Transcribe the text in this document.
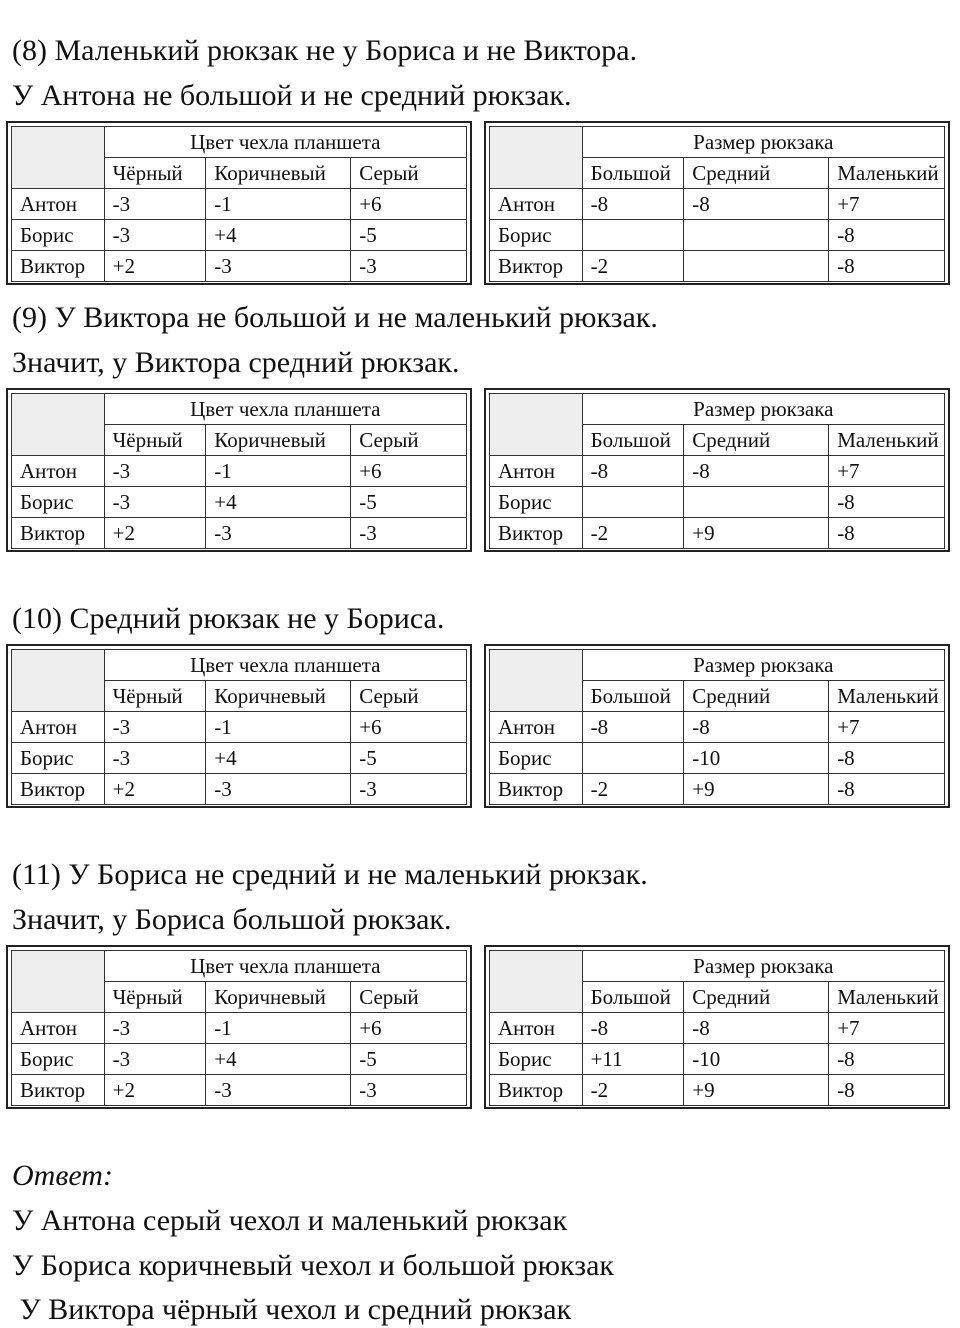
(8) Маленький рюкзак не у Бориса и не Виктора.
У Антона не большой и не средний рюкзак.
	Цвет чехла планшета		
	Чёрный	Коричневый	Серый
Антон	-3	-1	+6
Борис	-3	+4	-5
Виктор	+2	-3	-3
	Размер рюкзака		
	Большой	Средний	Маленький
Антон	-8	-8	+7
Борис			-8
Виктор	-2		-8
(9) У Виктора не большой и не маленький рюкзак.
Значит, у Виктора средний рюкзак.
	Цвет чехла планшета		
	Чёрный	Коричневый	Серый
Антон	-3	-1	+6
Борис	-3	+4	-5
Виктор	+2	-3	-3
	Размер рюкзака		
	Большой	Средний	Маленький
Антон	-8	-8	+7
Борис			-8
Виктор	-2	+9	-8
(10) Средний рюкзак не у Бориса.
	Цвет чехла планшета		
	Чёрный	Коричневый	Серый
Антон	-3	-1	+6
Борис	-3	+4	-5
Виктор	+2	-3	-3
	Размер рюкзака		
	Большой	Средний	Маленький
Антон	-8	-8	+7
Борис		-10	-8
Виктор	-2	+9	-8
(11) У Бориса не средний и не маленький рюкзак.
Значит, у Бориса большой рюкзак.
	Цвет чехла планшета		
	Чёрный	Коричневый	Серый
Антон	-3	-1	+6
Борис	-3	+4	-5
Виктор	+2	-3	-3
	Размер рюкзака		
	Большой	Средний	Маленький
Антон	-8	-8	+7
Борис	+11	-10	-8
Виктор	-2	+9	-8
Ответ:
У Антона серый чехол и маленький рюкзак
У Бориса коричневый чехол и большой рюкзак
У Виктора чёрный чехол и средний рюкзак
